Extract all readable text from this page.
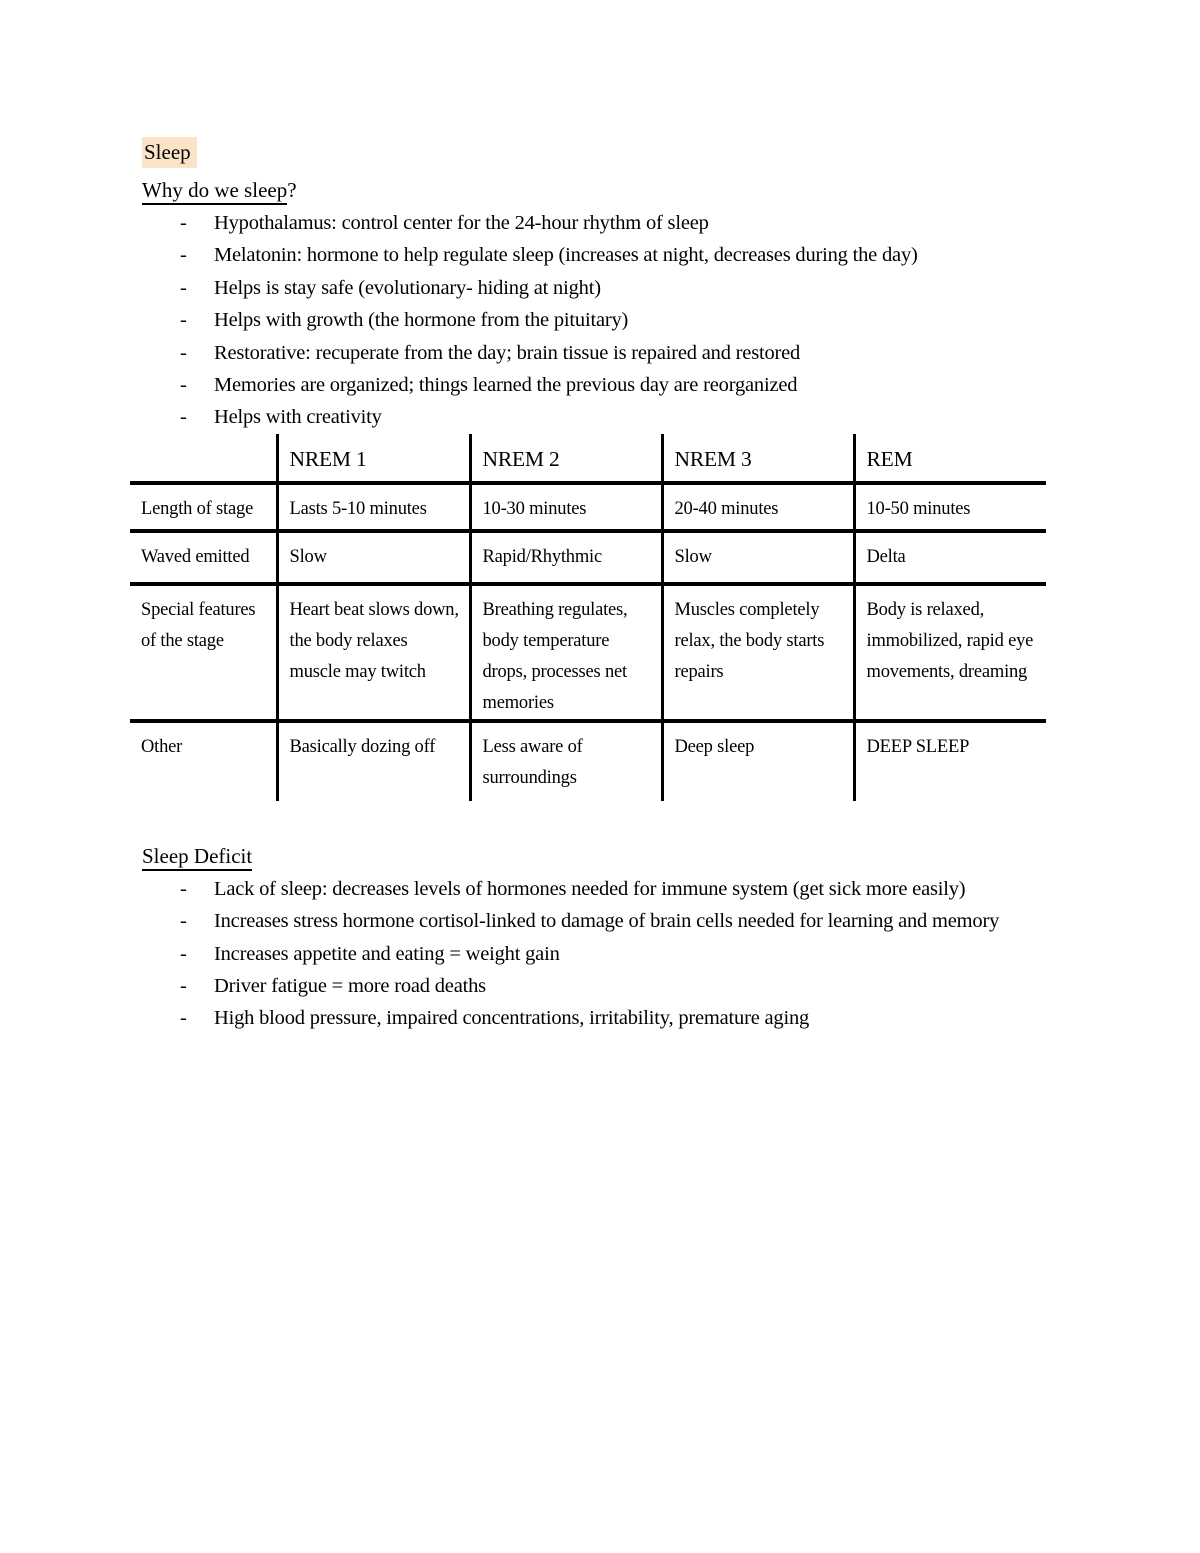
Sleep
Why do we sleep?
-	Hypothalamus: control center for the 24-hour rhythm of sleep
-	Melatonin: hormone to help regulate sleep (increases at night, decreases during the day)
-	Helps is stay safe (evolutionary- hiding at night)
-	Helps with growth (the hormone from the pituitary)
-	Restorative: recuperate from the day; brain tissue is repaired and restored
-	Memories are organized; things learned the previous day are reorganized
-	Helps with creativity
	NREM 1	NREM 2	NREM 3	REM
Length of stage	Lasts 5-10 minutes	10-30 minutes	20-40 minutes	10-50 minutes
Waved emitted	Slow	Rapid/Rhythmic	Slow	Delta
Special features of the stage	Heart beat slows down, the body relaxes muscle may twitch	Breathing regulates, body temperature drops, processes net memories	Muscles completely relax, the body starts repairs	Body is relaxed, immobilized, rapid eye movements, dreaming
Other	Basically dozing off	Less aware of surroundings	Deep sleep	DEEP SLEEP
Sleep Deficit
-	Lack of sleep: decreases levels of hormones needed for immune system (get sick more easily)
-	Increases stress hormone cortisol-linked to damage of brain cells needed for learning and memory
-	Increases appetite and eating = weight gain
-	Driver fatigue = more road deaths
-	High blood pressure, impaired concentrations, irritability, premature aging
